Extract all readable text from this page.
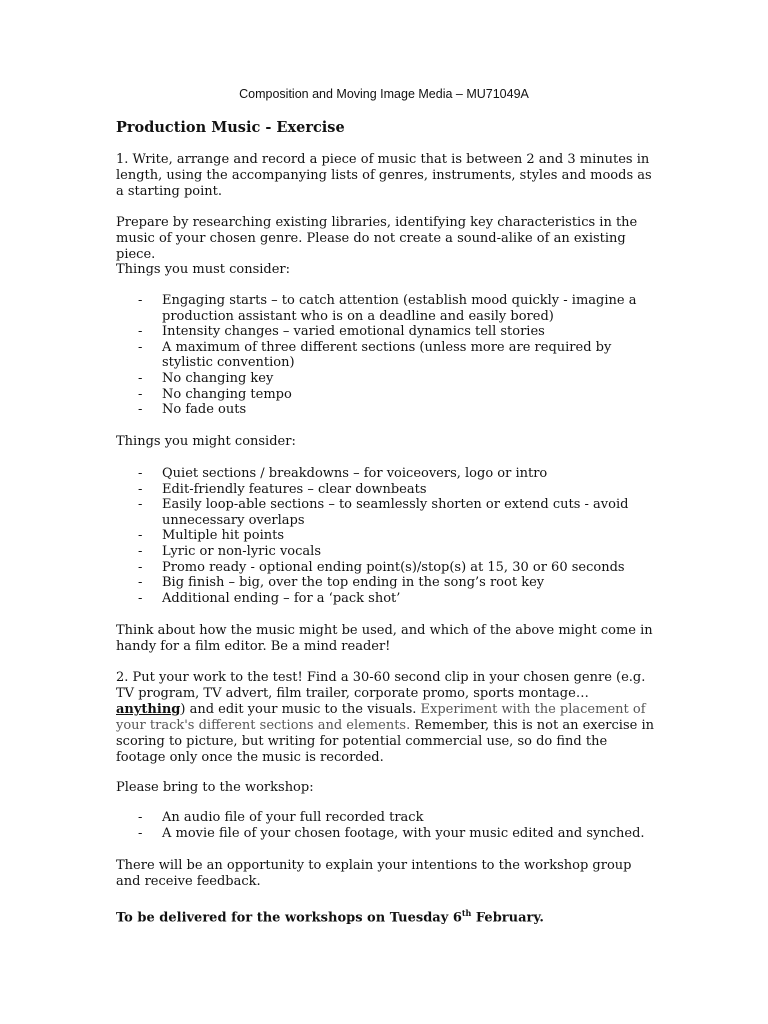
Composition and Moving Image Media – MU71049A
Production Music - Exercise

1. Write, arrange and record a piece of music that is between 2 and 3 minutes in length, using the accompanying lists of genres, instruments, styles and moods as a starting point.

Prepare by researching existing libraries, identifying key characteristics in the music of your chosen genre. Please do not create a sound-alike of an existing piece.

Things you must consider:
- Engaging starts – to catch attention (establish mood quickly - imagine a production assistant who is on a deadline and easily bored)
- Intensity changes – varied emotional dynamics tell stories
- A maximum of three different sections (unless more are required by stylistic convention)
- No changing key
- No changing tempo
- No fade outs
Things you might consider:
- Quiet sections / breakdowns – for voiceovers, logo or intro
- Edit-friendly features – clear downbeats
- Easily loop-able sections – to seamlessly shorten or extend cuts - avoid unnecessary overlaps
- Multiple hit points
- Lyric or non-lyric vocals
- Promo ready - optional ending point(s)/stop(s) at 15, 30 or 60 seconds
- Big finish – big, over the top ending in the song’s root key
- Additional ending – for a ‘pack shot’

Think about how the music might be used, and which of the above might come in handy for a film editor. Be a mind reader!

2. Put your work to the test! Find a 30-60 second clip in your chosen genre (e.g. TV program, TV advert, film trailer, corporate promo, sports montage…anything) and edit your music to the visuals. Experiment with the placement of your track's different sections and elements. Remember, this is not an exercise in scoring to picture, but writing for potential commercial use, so do find the footage only once the music is recorded.

Please bring to the workshop:
- An audio file of your full recorded track
- A movie file of your chosen footage, with your music edited and synched.

There will be an opportunity to explain your intentions to the workshop group and receive feedback.

To be delivered for the workshops on Tuesday 6th February.
